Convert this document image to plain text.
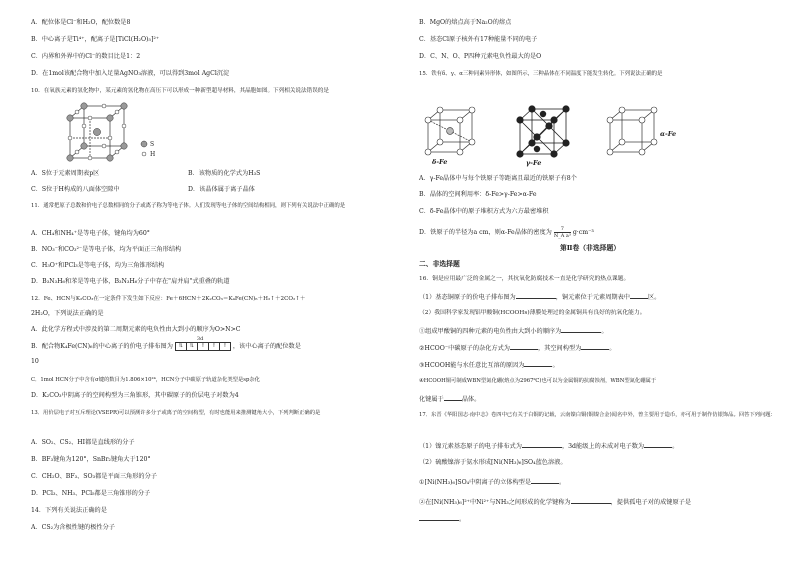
A．配位体是Cl⁻和H₂O，配位数是8
B．中心离子是Ti⁴⁺，配离子是[TiCl(H₂O)₅]²⁺
C．内界和外界中的Cl⁻的数目比是1：2
D．在1mol该配合物中加入足量AgNO₃溶液，可以得到3mol AgCl沉淀
10．在氧族元素的氢化物中，某元素的氢化物在高压下可以形成一种新型超导材料，其晶胞如图。下列相关说法错误的是
S
H
A．S位于元素周期表p区	B．该物质的化学式为H₃S
C．S位于H构成的八面体空隙中	D．该晶体属于离子晶体
11．通常把原子总数和价电子总数相同的分子或离子称为等电子体。人们发现等电子体的空间结构相同，则下列有关说法中正确的是
A．CH₄和NH₄⁺是等电子体，键角均为60°
B．NO₃⁻和CO₃²⁻是等电子体，均为平面正三角形结构
C．H₃O⁺和PCl₃是等电子体，均为三角锥形结构
D．B₃N₃H₆和苯是等电子体，B₃N₃H₆分子中存在"肩并肩"式重叠的轨道
12．Fe、HCN与K₂CO₃在一定条件下发生如下反应：Fe＋6HCN＋2K₂CO₃＝K₄Fe(CN)₆＋H₂↑＋2CO₂↑＋
2H₂O，下列说法正确的是
A．此化学方程式中涉及的第二周期元素的电负性由大到小的顺序为O>N>C
B．配合物K₄Fe(CN)₆的中心离子的价电子排布图为
3d
⇅ ⇅ ↑ ↑ ↑ ，该中心离子的配位数是
10
C．1mol HCN分子中含有σ键的数目为1.806×10²⁴，HCN分子中碳原子轨道杂化类型是sp杂化
D．K₂CO₃中阴离子的空间构型为三角锥形，其中碳原子的价层电子对数为4
13．用价层电子对互斥理论(VSEPR)可以预测许多分子或离子的空间构型，有时也能用来推测键角大小，下列判断正确的是
A．SO₂、CS₂、HI都是直线形的分子
B．BF₃键角为120°，SnBr₂键角大于120°
C．CH₂O、BF₃、SO₃都是平面三角形的分子
D．PCl₃、NH₃、PCl₅都是三角锥形的分子
14．下列有关说法正确的是
A．CS₂为含极性键的极性分子
B．MgO的熔点高于Na₂O的熔点
C．基态Cl原子核外有17种能量不同的电子
D．C、N、O、P四种元素电负性最大的是O
15．铁有δ、γ、α三种同素异形体，如图所示，三种晶体在不同温度下能发生转化。下列说法正确的是
δ-Fe	γ-Fe
α-Fe
A．γ-Fe晶体中与每个铁原子等距离且最近的铁原子有8个
B．晶体的空间利用率：δ-Fe>γ-Fe>α-Fe
C．δ-Fe晶体中的原子堆积方式为六方最密堆积
D．铁原子的半径为a cm，则α-Fe晶体的密度为 $\frac{7}{\text{N\_A a³}} g\cdot cm^{-3}$
第Ⅱ卷（非选择题）
二、非选择题
16．铜是应用最广泛的金属之一，其抗氧化防腐技术一直是化学研究的热点课题。
（1）基态铜原子的价电子排布图为	，铜元素位于元素周期表中	区。
（2）我国科学家发现铝甲酸铜(HCOOHs)薄膜处理过的金属铜具有良好的抗氧化能力。
①组成甲酸铜的四种元素的电负性由大到小的顺序为	。
②HCOO⁻中碳原子的杂化方式为	，其空间构型为	。
③HCOOH能与水任意比互溶的原因为	。
④HCOOH铜可制成WBN型氮化硼(熔点为2967℃)也可以为金属铜的抗腐蚀剂，WBN型氮化硼属于
化键属于	晶体。
17．东晋《华阳国志·南中志》卷四中已有关于白铜的记载，云南镍白铜(铜镍合金)闻名中外，曾主要用于造币，亦可用于制作仿银饰品。回答下列问题：
（1）镍元素基态原子的电子排布式为	，3d能级上的未成对电子数为	。
（2）硫酸镍溶于氨水形成[Ni(NH₃)₆]SO₄蓝色溶液。
①[Ni(NH₃)₆]SO₄中阴离子的立体构型是	。
②在[Ni(NH₃)₆]²⁺中Ni²⁺与NH₃之间形成的化学键称为	，提供孤电子对的成键原子是
。
